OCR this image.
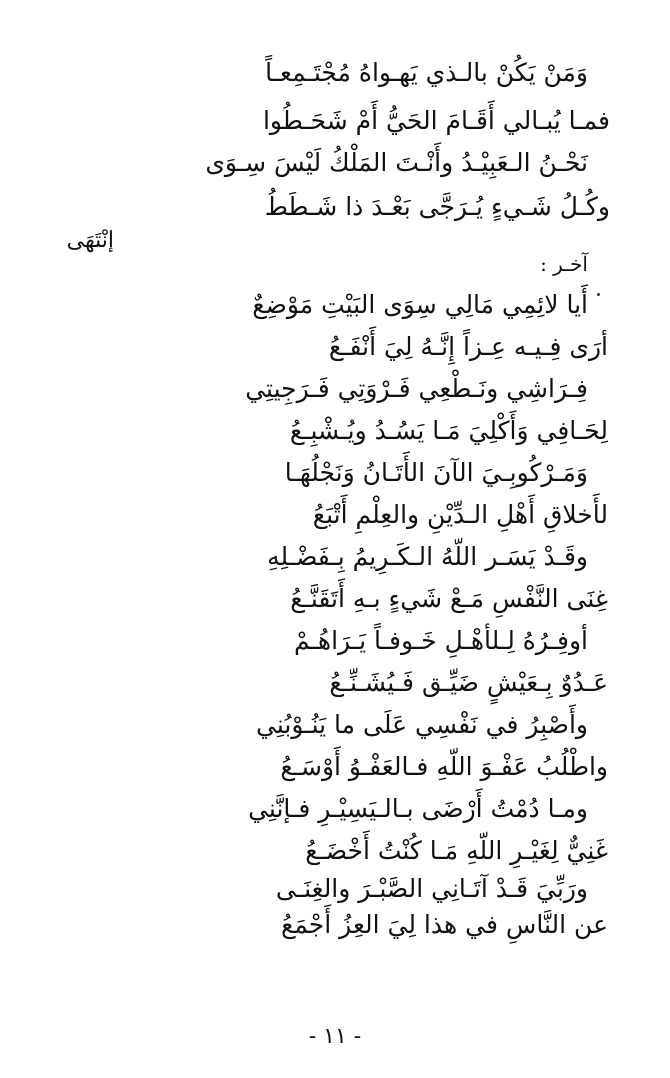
وَمَنْ يَكُنْ بالـذي يَهـواهُ مُجْتَـمِعـاً
فمـا يُبـالي أَقَـامَ الحَيُّ أَمْ شَحَـطُوا
نَحْـنُ الـعَبِيْـدُ وأَنْـتَ المَلْكُ لَيْسَ سِـوَى
وكُـلُ شَـيءٍ يُـرَجَّى بَعْـدَ ذا شَـطَطُ
إنْتَهَى
آخـر :
أَيا لائِمِي مَالِي سِوَى البَيْتِ مَوْضِعٌ
أرَى فِـيـه عِـزاً إِنَّـهُ لِيَ أَنْفَـعُ
فِـرَاشِي ونَـطْعِي فَـرْوَتِي فَـرَجِيتِي
لِحَـافِي وَأَكْلِيَ مَـا يَسُـدُ ويُـشْبِـعُ
وَمَـرْكُوبِـيَ الآنَ الأَتَـانُ وَنَجْلُهَـا
لأَخلاقِ أَهْلِ الـدِّيْنِ والعِلْمِ أَتْبَعُ
وقَـدْ يَسَـر اللّهُ الـكَـرِيمُ بِـفَضْـلِهِ
غِنَى النَّفْسِ مَـعْ شَيءٍ بـهِ أَتَقَنَّـعُ
أوفِـرُهُ لِـلأهْـلِ خَـوفـاً يَـرَاهُـمْ
عَـدُوٌ بِـعَيْشٍ ضَيِّـق فَـيُشَـنِّـعُ
وأَصْبِرُ في نَفْسِي عَلَى ما يَنُـوْبُنِي
واطْلُبُ عَفْـوَ اللّهِ فـالعَفْـوُ أَوْسَـعُ
ومـا دُمْتُ أَرْضَى بـالـيَسِيْـرِ فـإنَّنِي
غَنِيٌّ لِغَيْـرِ اللّهِ مَـا كُنْتُ أَخْضَـعُ
ورَبِّيَ قَـدْ آتَـانِي الصَّبْـرَ والغِنَـى
عن النَّاسِ في هذا لِيَ العِزُ أَجْمَعُ
- ١١ -
